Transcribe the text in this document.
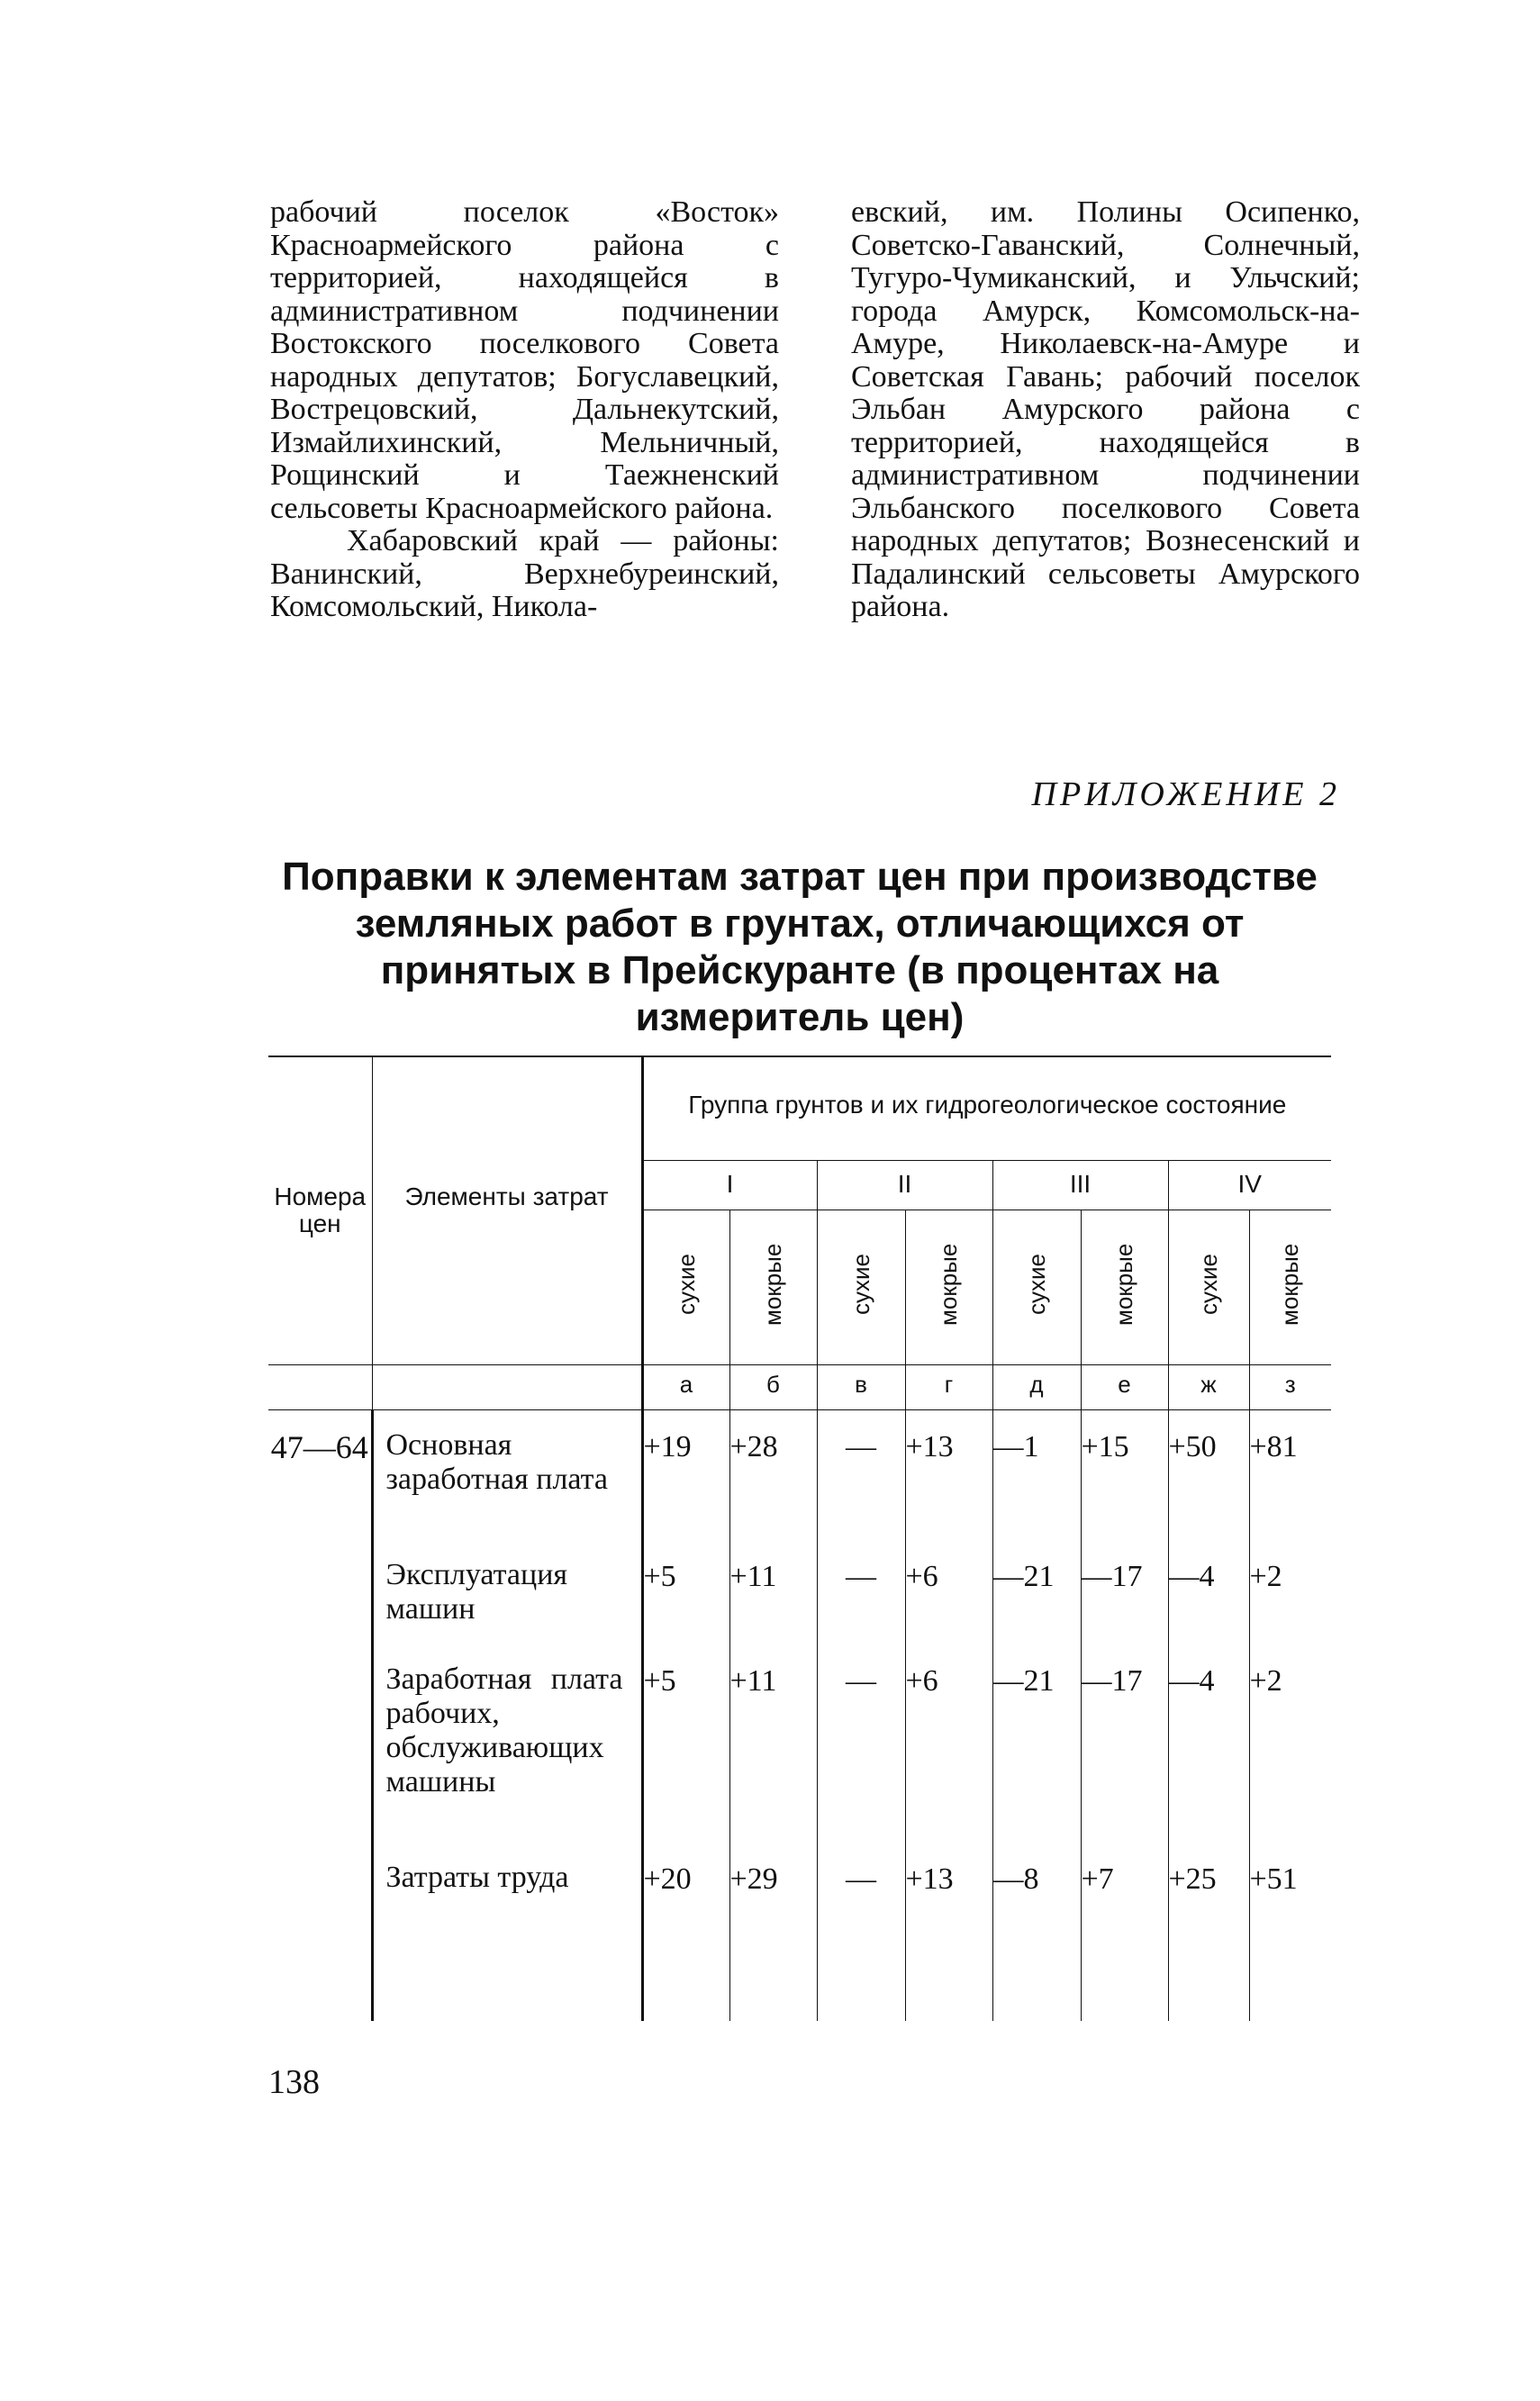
рабочий поселок «Восток» Красноармейского района с территорией, находящейся в административном подчинении Востокского поселкового Совета народных депутатов; Богуславецкий, Вострецовский, Дальнекутский, Измайлихинский, Мельничный, Рощинский и Таежненский сельсоветы Красноармейского района.

Хабаровский край — районы: Ванинский, Верхнебуреинский, Комсомольский, Никола-

евский, им. Полины Осипенко, Советско-Гаванский, Солнечный, Тугуро-Чумиканский, и Ульчский; города Амурск, Комсомольск-на-Амуре, Николаевск-на-Амуре и Советская Гавань; рабочий поселок Эльбан Амурского района с территорией, находящейся в административном подчинении Эльбанского поселкового Совета народных депутатов; Вознесенский и Падалинский сельсоветы Амурского района.

ПРИЛОЖЕНИЕ 2
Поправки к элементам затрат цен при производстве земляных работ в грунтах, отличающихся от принятых в Прейскуранте (в процентах на измеритель цен)
Номера цен	Элементы затрат	Группа грунтов и их гидрогеологическое состояние							
		I		II		III		IV	
		сухие	мокрые	сухие	мокрые	сухие	мокрые	сухие	мокрые
		а	б	в	г	д	е	ж	з
47—64	Основная заработная плата	+19	+28	—	+13	—1	+15	+50	+81
	Эксплуатация машин	+5	+11	—	+6	—21	—17	—4	+2
	Заработная плата рабочих, обслуживающих машины	+5	+11	—	+6	—21	—17	—4	+2
	Затраты труда	+20	+29	—	+13	—8	+7	+25	+51
138
